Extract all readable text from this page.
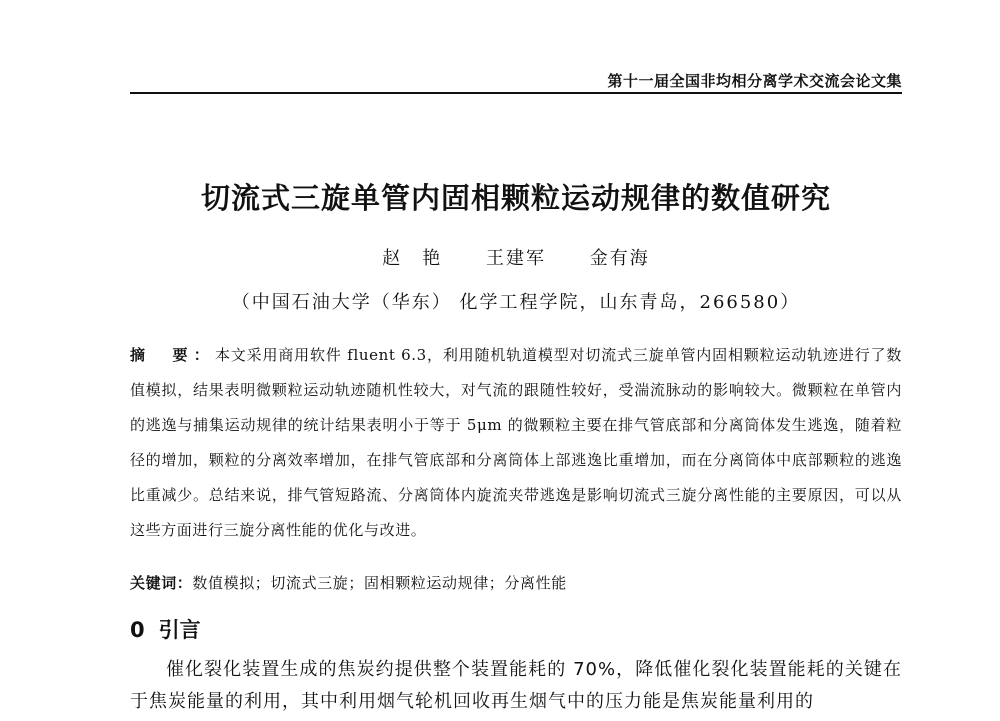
第十一届全国非均相分离学术交流会论文集
切流式三旋单管内固相颗粒运动规律的数值研究
赵　艳 王建军 金有海
（中国石油大学（华东） 化学工程学院，山东青岛，266580）
摘　要：本文采用商用软件 fluent 6.3，利用随机轨道模型对切流式三旋单管内固相颗粒运动轨迹进行了数值模拟，结果表明微颗粒运动轨迹随机性较大，对气流的跟随性较好，受湍流脉动的影响较大。微颗粒在单管内的逃逸与捕集运动规律的统计结果表明小于等于 5μm 的微颗粒主要在排气管底部和分离筒体发生逃逸，随着粒径的增加，颗粒的分离效率增加，在排气管底部和分离筒体上部逃逸比重增加，而在分离筒体中底部颗粒的逃逸比重减少。总结来说，排气管短路流、分离筒体内旋流夹带逃逸是影响切流式三旋分离性能的主要原因，可以从这些方面进行三旋分离性能的优化与改进。
关键词：数值模拟；切流式三旋；固相颗粒运动规律；分离性能
0 引言
催化裂化装置生成的焦炭约提供整个装置能耗的 70%，降低催化裂化装置能耗的关键在于焦炭能量的利用，其中利用烟气轮机回收再生烟气中的压力能是焦炭能量利用的
